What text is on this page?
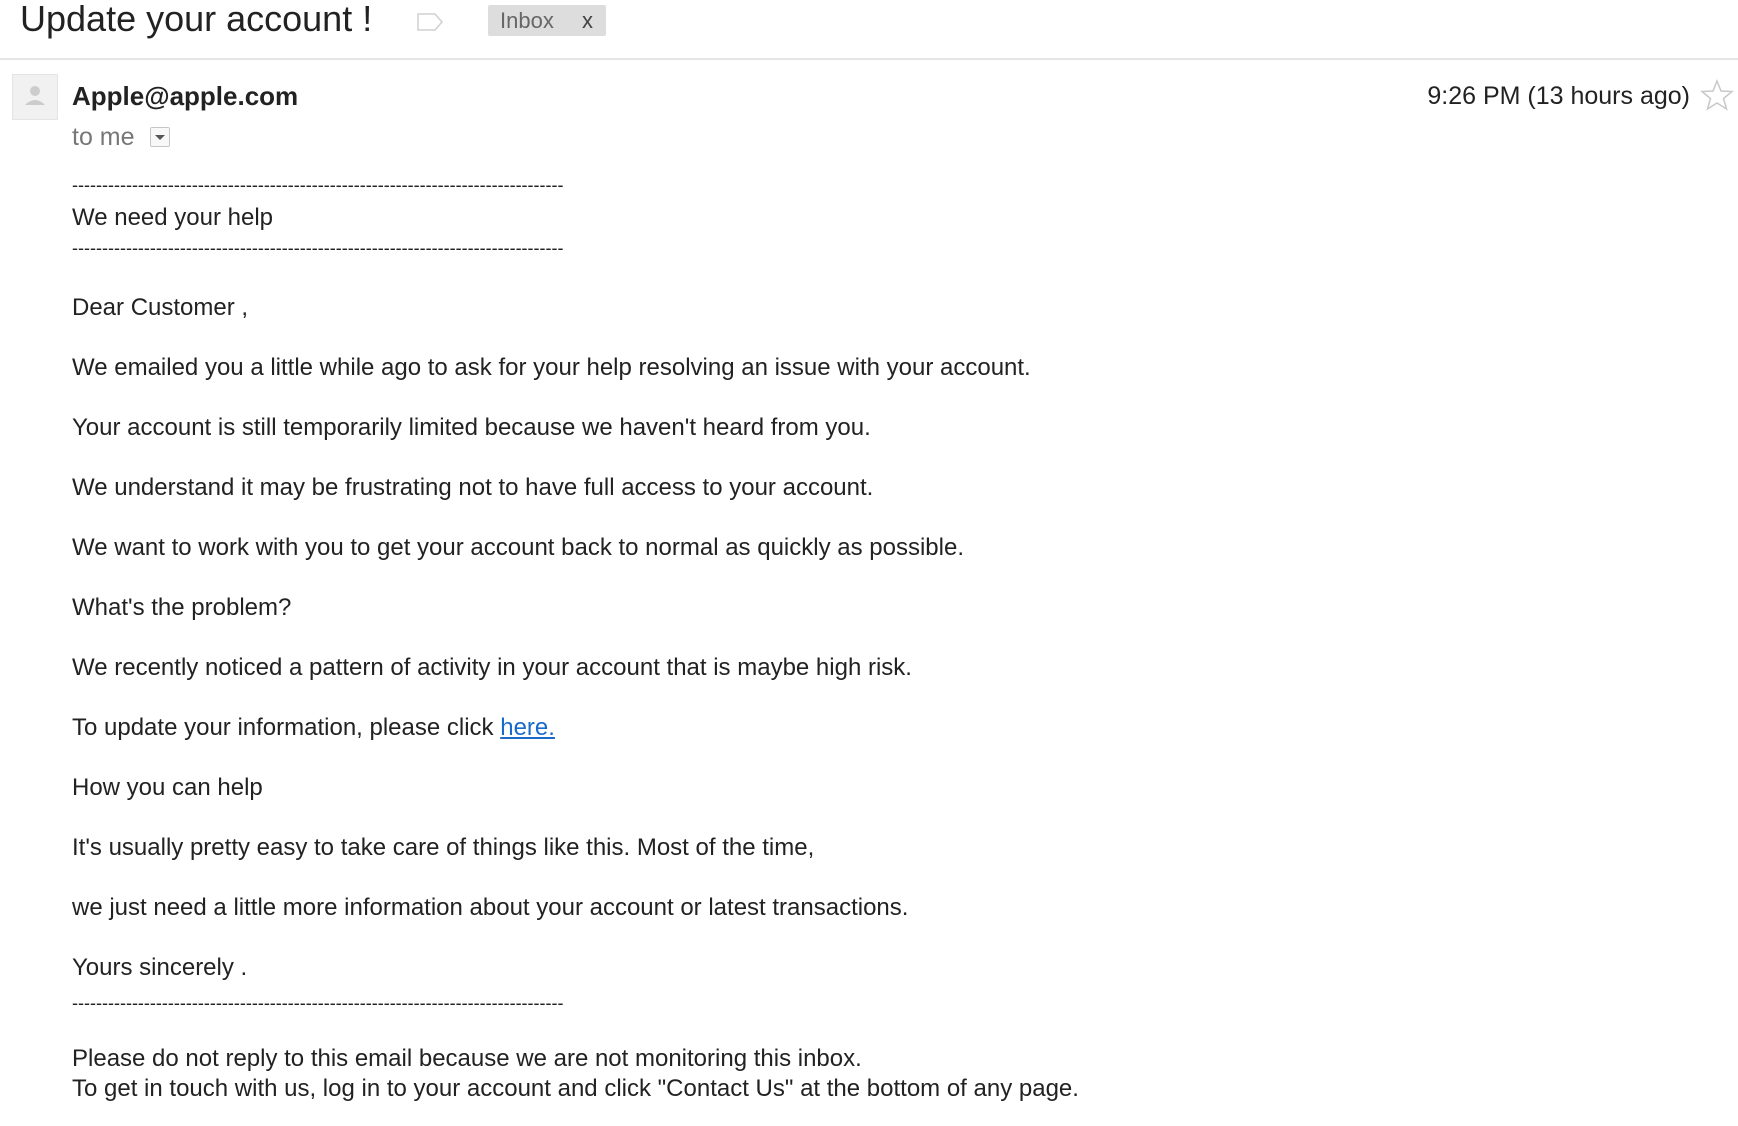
Update your account !	Inbox x
Apple@apple.com
to me
9:26 PM (13 hours ago)
----------------------------------------------------------------------------------
We need your help
----------------------------------------------------------------------------------
Dear Customer ,
We emailed you a little while ago to ask for your help resolving an issue with your account.
Your account is still temporarily limited because we haven't heard from you.
We understand it may be frustrating not to have full access to your account.
We want to work with you to get your account back to normal as quickly as possible.
What's the problem?
We recently noticed a pattern of activity in your account that is maybe high risk.
To update your information, please click here.
How you can help
It's usually pretty easy to take care of things like this. Most of the time,
we just need a little more information about your account or latest transactions.
Yours sincerely .
----------------------------------------------------------------------------------
Please do not reply to this email because we are not monitoring this inbox.
To get in touch with us, log in to your account and click "Contact Us" at the bottom of any page.
